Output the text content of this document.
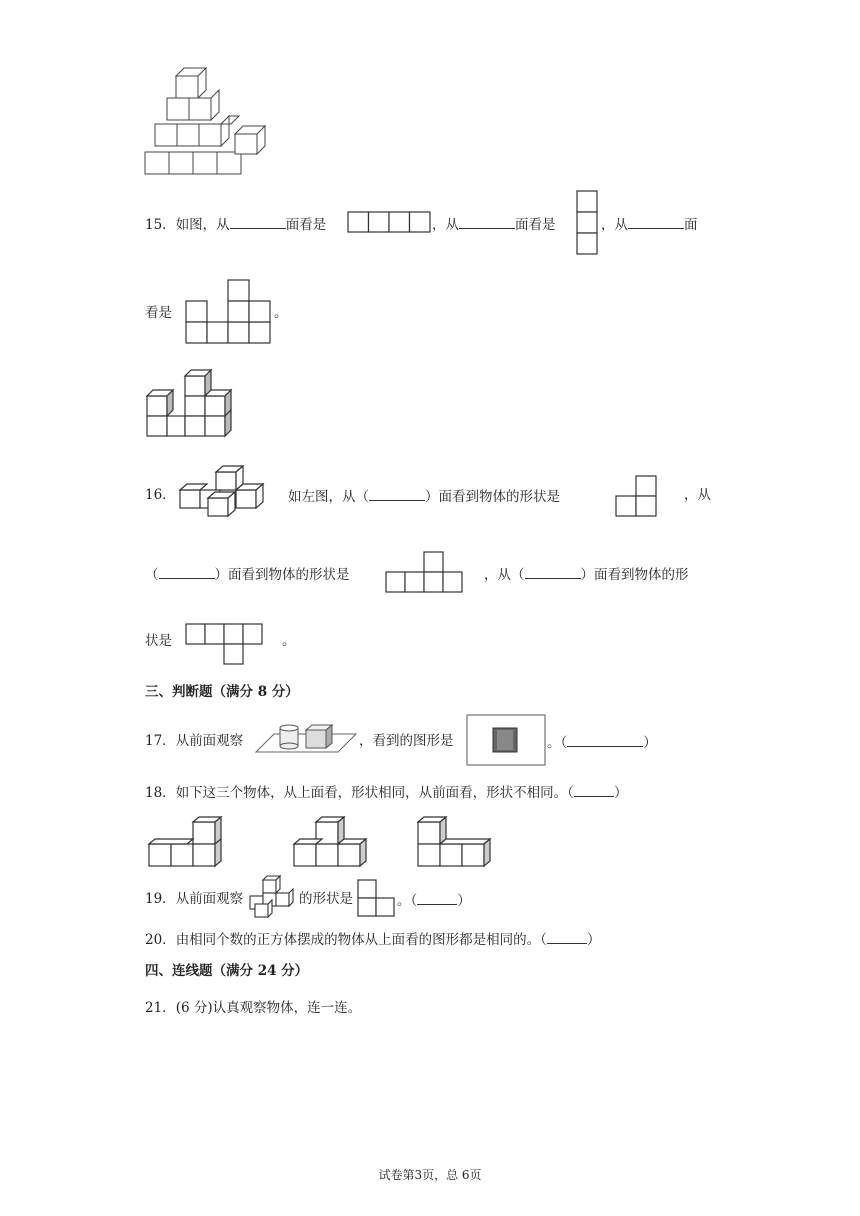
15．如图，从	面看是	，从	面看是	，从	面
看是	。
16．	如左图，从（	）面看到物体的形状是	，从
（	）面看到物体的形状是	，从（	）面看到物体的形
状是	。
三、判断题（满分 8 分）
17．从前面观察	，看到的图形是	。（	）
18．如下这三个物体，从上面看，形状相同，从前面看，形状不相同。（	）
19．从前面观察	的形状是	。（	）
20．由相同个数的正方体摆成的物体从上面看的图形都是相同的。（	）
四、连线题（满分 24 分）
21．(6 分)认真观察物体，连一连。
试卷第3页，总 6页
